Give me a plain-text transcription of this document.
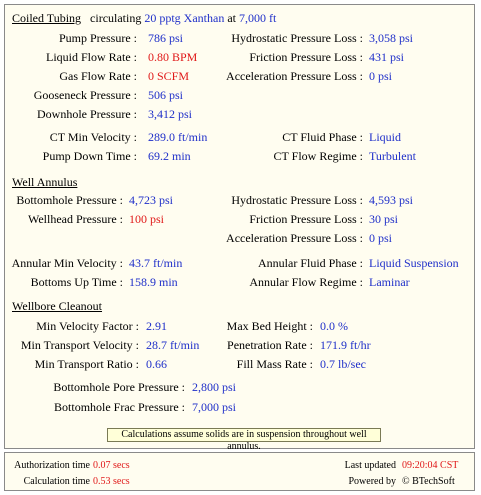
Coiled Tubing circulating 20 pptg Xanthan at 7,000 ft
Pump Pressure : 786 psi
Liquid Flow Rate : 0.80 BPM
Gas Flow Rate : 0 SCFM
Gooseneck Pressure : 506 psi
Downhole Pressure : 3,412 psi
Hydrostatic Pressure Loss : 3,058 psi
Friction Pressure Loss : 431 psi
Acceleration Pressure Loss : 0 psi
CT Min Velocity : 289.0 ft/min
Pump Down Time : 69.2 min
CT Fluid Phase : Liquid
CT Flow Regime : Turbulent
Well Annulus
Bottomhole Pressure : 4,723 psi
Wellhead Pressure : 100 psi
Hydrostatic Pressure Loss : 4,593 psi
Friction Pressure Loss : 30 psi
Acceleration Pressure Loss : 0 psi
Annular Min Velocity : 43.7 ft/min
Bottoms Up Time : 158.9 min
Annular Fluid Phase : Liquid Suspension
Annular Flow Regime : Laminar
Wellbore Cleanout
Min Velocity Factor : 2.91
Min Transport Velocity : 28.7 ft/min
Min Transport Ratio : 0.66
Max Bed Height : 0.0 %
Penetration Rate : 171.9 ft/hr
Fill Mass Rate : 0.7 lb/sec
Bottomhole Pore Pressure : 2,800 psi
Bottomhole Frac Pressure : 7,000 psi
Calculations assume solids are in suspension throughout well annulus.
Authorization time 0.07 secs
Calculation time 0.53 secs
Last updated 09:20:04 CST
Powered by © BTechSoft
